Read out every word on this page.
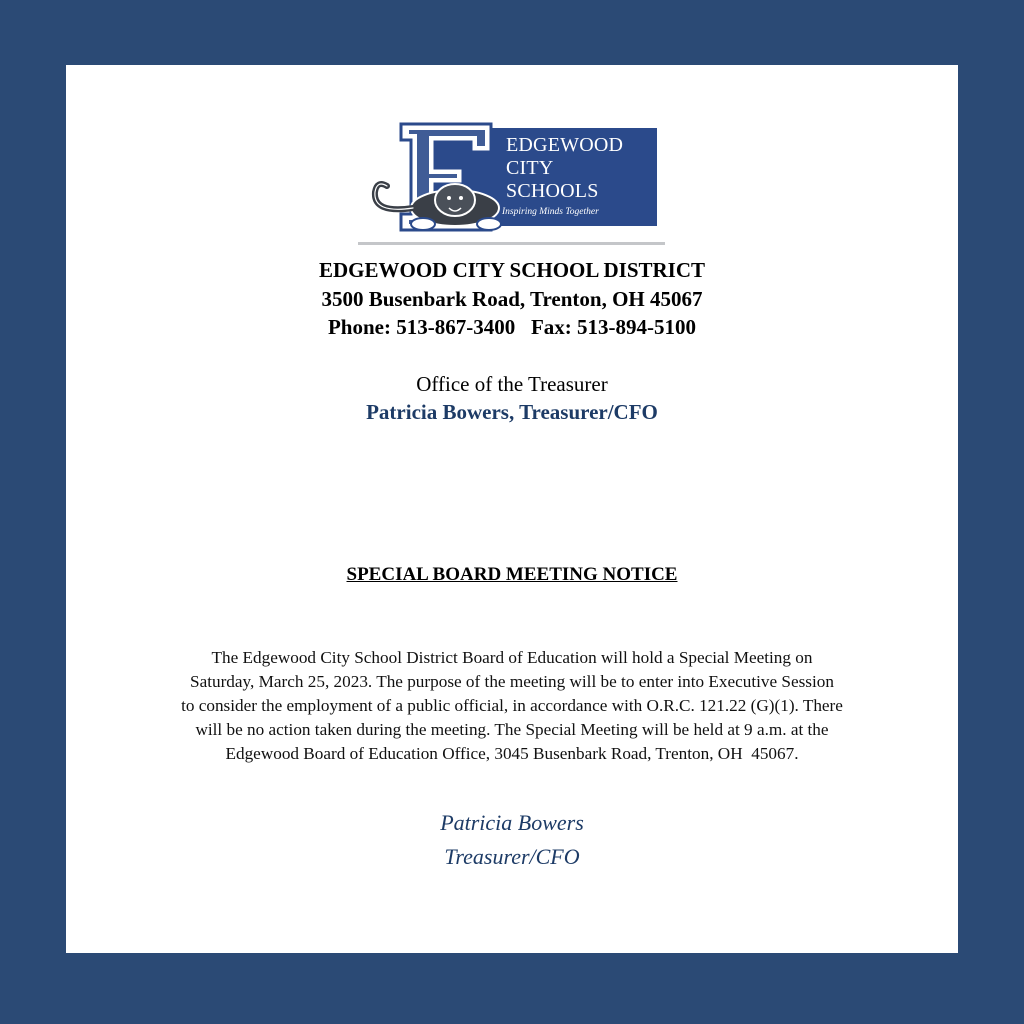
EDGEWOOD
CITY
SCHOOLS
Inspiring Minds Together
EDGEWOOD CITY SCHOOL DISTRICT
3500 Busenbark Road, Trenton, OH 45067
Phone: 513-867-3400   Fax: 513-894-5100
Office of the Treasurer
Patricia Bowers, Treasurer/CFO
SPECIAL BOARD MEETING NOTICE
The Edgewood City School District Board of Education will hold a Special Meeting on
Saturday, March 25, 2023. The purpose of the meeting will be to enter into Executive Session
to consider the employment of a public official, in accordance with O.R.C. 121.22 (G)(1). There
will be no action taken during the meeting. The Special Meeting will be held at 9 a.m. at the
Edgewood Board of Education Office, 3045 Busenbark Road, Trenton, OH  45067.
Patricia Bowers
Treasurer/CFO
